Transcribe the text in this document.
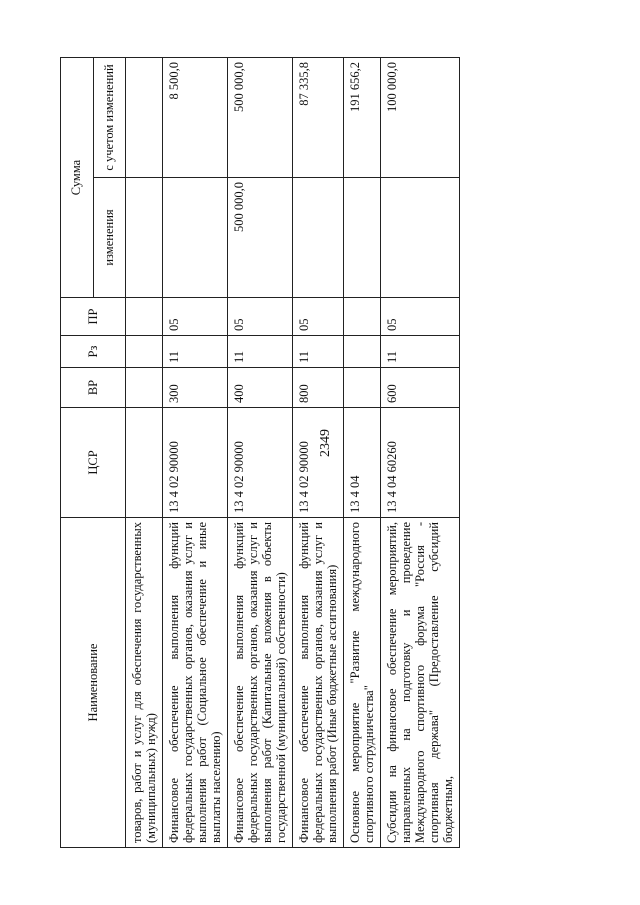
2349
Наименование	ЦСР	ВР	Рз	ПР	Сумма	
					изменения	с учетом изменений
товаров, работ и услуг для обеспечения государственных (муниципальных) нужд)						
Финансовое обеспечение выполнения функций федеральных государственных органов, оказания услуг и выполнения работ (Социальное обеспечение и иные выплаты населению)	13 4 02 90000	300	11	05		8 500,0
Финансовое обеспечение выполнения функций федеральных государственных органов, оказания услуг и выполнения работ (Капитальные вложения в объекты государственной (муниципальной) собственности)	13 4 02 90000	400	11	05	500 000,0	500 000,0
Финансовое обеспечение выполнения функций федеральных государственных органов, оказания услуг и выполнения работ (Иные бюджетные ассигнования)	13 4 02 90000	800	11	05		87 335,8
Основное мероприятие "Развитие международного спортивного сотрудничества"	13 4 04					191 656,2
Субсидии на финансовое обеспечение мероприятий, направленных на подготовку и проведение Международного спортивного форума "Россия - спортивная держава" (Предоставление субсидий бюджетным,	13 4 04 60260	600	11	05		100 000,0
